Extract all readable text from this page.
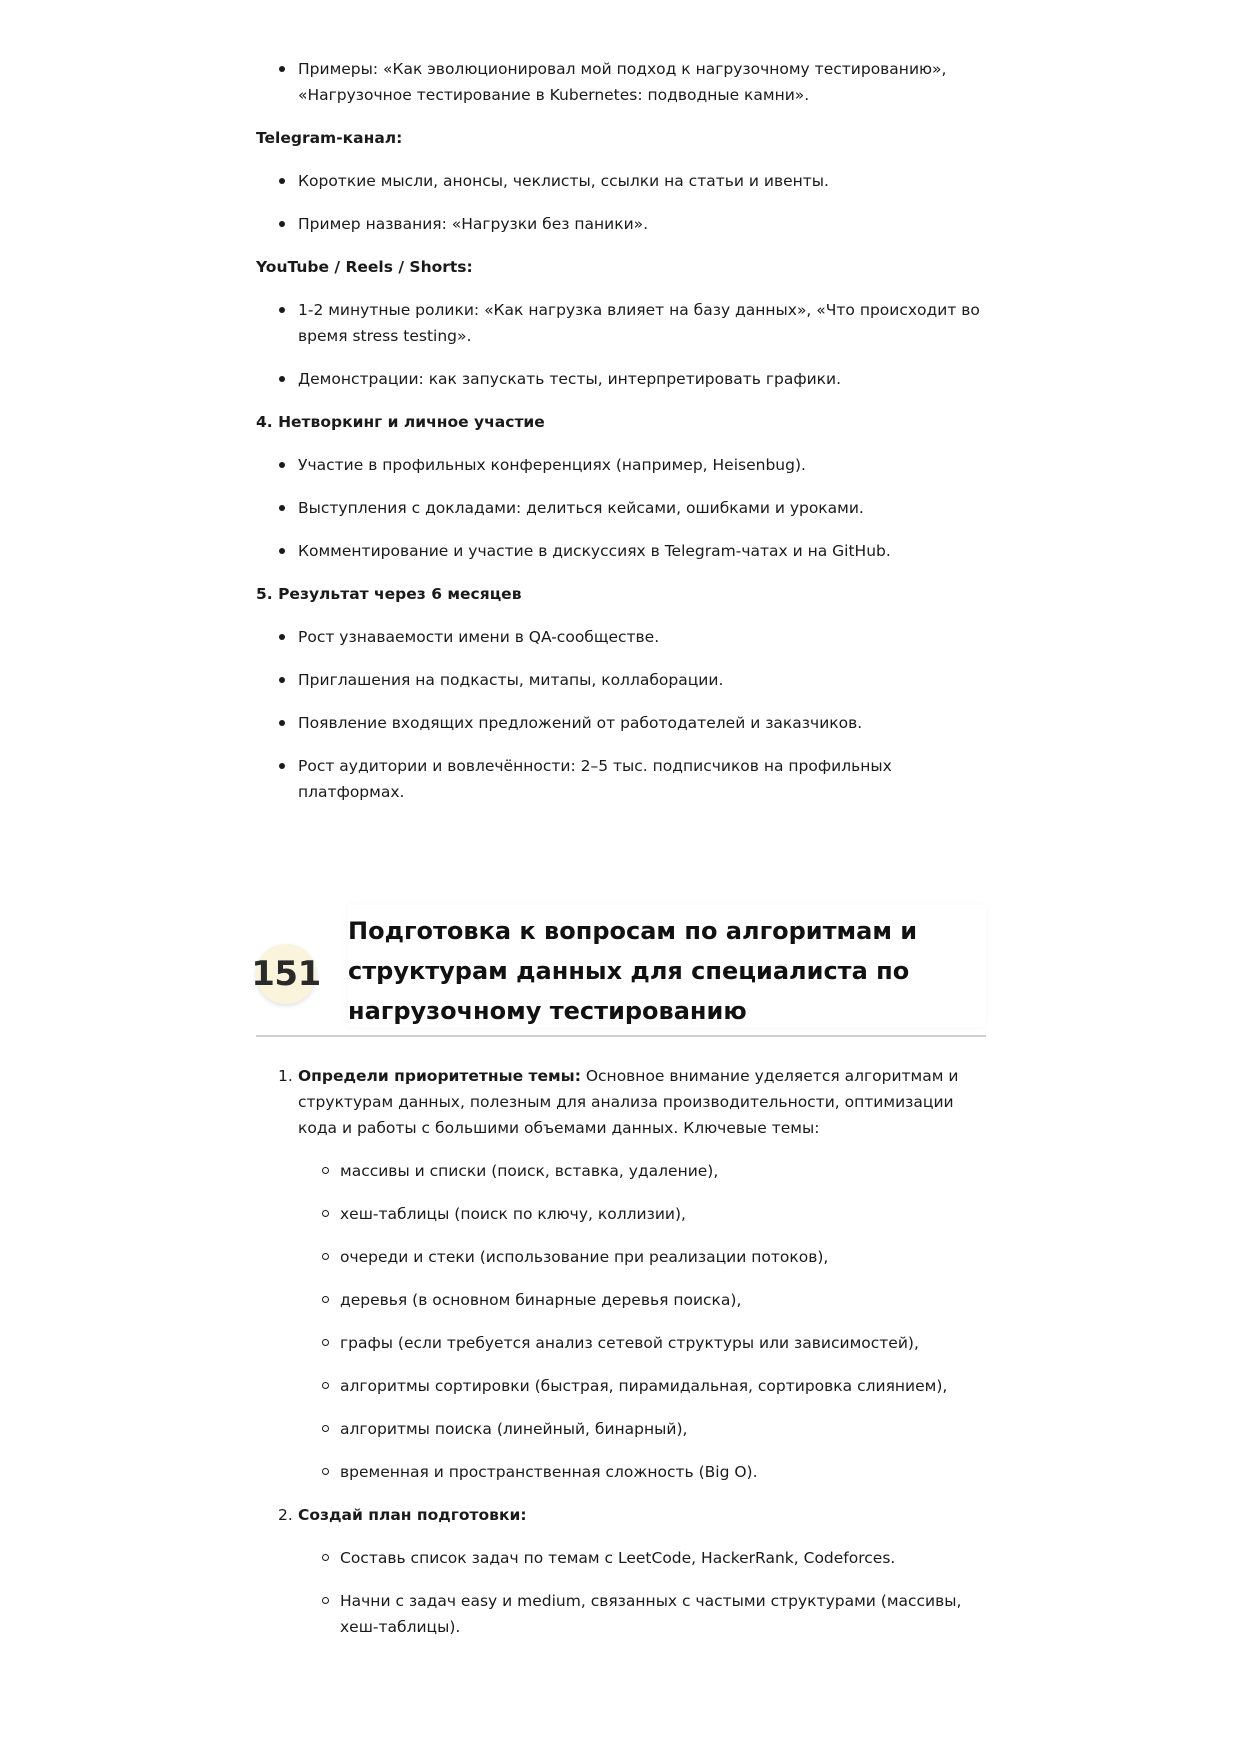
Примеры: «Как эволюционировал мой подход к нагрузочному тестированию», «Нагрузочное тестирование в Kubernetes: подводные камни».

Telegram-канал:

Короткие мысли, анонсы, чеклисты, ссылки на статьи и ивенты.
Пример названия: «Нагрузки без паники».

YouTube / Reels / Shorts:

1-2 минутные ролики: «Как нагрузка влияет на базу данных», «Что происходит во время stress testing».
Демонстрации: как запускать тесты, интерпретировать графики.

4. Нетворкинг и личное участие

Участие в профильных конференциях (например, Heisenbug).
Выступления с докладами: делиться кейсами, ошибками и уроками.
Комментирование и участие в дискуссиях в Telegram-чатах и на GitHub.

5. Результат через 6 месяцев

Рост узнаваемости имени в QA-сообществе.
Приглашения на подкасты, митапы, коллаборации.
Появление входящих предложений от работодателей и заказчиков.
Рост аудитории и вовлечённости: 2–5 тыс. подписчиков на профильных платформах.
151
Подготовка к вопросам по алгоритмам и структурам данных для специалиста по нагрузочному тестированию
1. Определи приоритетные темы: Основное внимание уделяется алгоритмам и структурам данных, полезным для анализа производительности, оптимизации кода и работы с большими объемами данных. Ключевые темы:
массивы и списки (поиск, вставка, удаление),
хеш-таблицы (поиск по ключу, коллизии),
очереди и стеки (использование при реализации потоков),
деревья (в основном бинарные деревья поиска),
графы (если требуется анализ сетевой структуры или зависимостей),
алгоритмы сортировки (быстрая, пирамидальная, сортировка слиянием),
алгоритмы поиска (линейный, бинарный),
временная и пространственная сложность (Big O).
2. Создай план подготовки:
Составь список задач по темам с LeetCode, HackerRank, Codeforces.
Начни с задач easy и medium, связанных с частыми структурами (массивы, хеш-таблицы).
